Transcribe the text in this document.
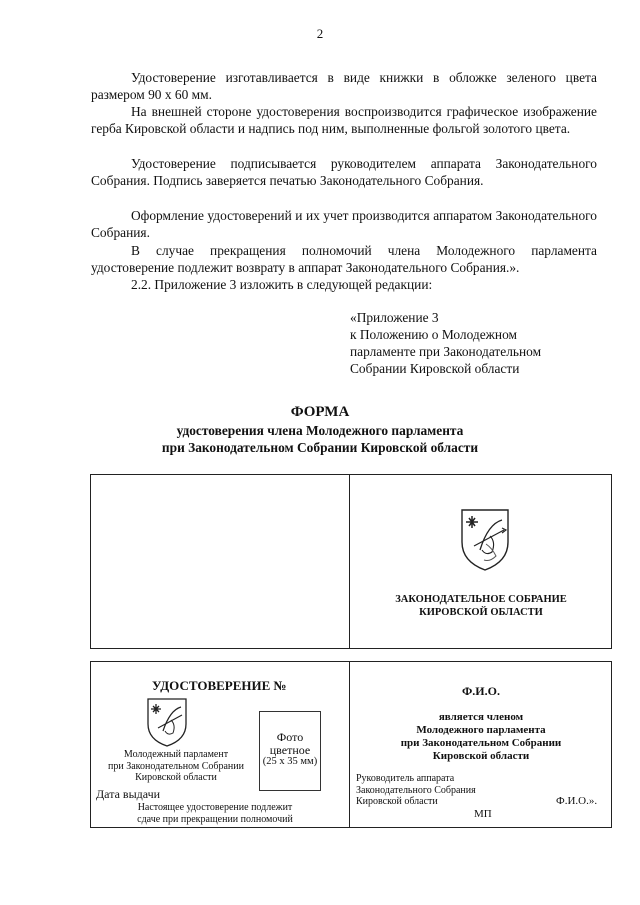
2
Удостоверение изготавливается в виде книжки в обложке зеленого цвета размером 90 х 60 мм.
На внешней стороне удостоверения воспроизводится графическое изображение герба Кировской области и надпись под ним, выполненные фольгой золотого цвета.
Удостоверение подписывается руководителем аппарата Законодательного Собрания. Подпись заверяется печатью Законодательного Собрания.
Оформление удостоверений и их учет производится аппаратом Законодательного Собрания.
В случае прекращения полномочий члена Молодежного парламента удостоверение подлежит возврату в аппарат Законодательного Собрания.».
2.2. Приложение 3 изложить в следующей редакции:
«Приложение 3
к Положению о Молодежном
парламенте при Законодательном
Собрании Кировской области
ФОРМА
удостоверения члена Молодежного парламента
при Законодательном Собрании Кировской области
ЗАКОНОДАТЕЛЬНОЕ СОБРАНИЕ
КИРОВСКОЙ ОБЛАСТИ
УДОСТОВЕРЕНИЕ №
Молодежный парламент
при Законодательном Собрании
Кировской области
Фото
цветное
(25 х 35 мм)
Дата выдачи
Настоящее удостоверение подлежит
сдаче при прекращении полномочий
Ф.И.О.
является членом
Молодежного парламента
при Законодательном Собрании
Кировской области
Руководитель аппарата
Законодательного Собрания
Кировской области	Ф.И.О.».
МП
